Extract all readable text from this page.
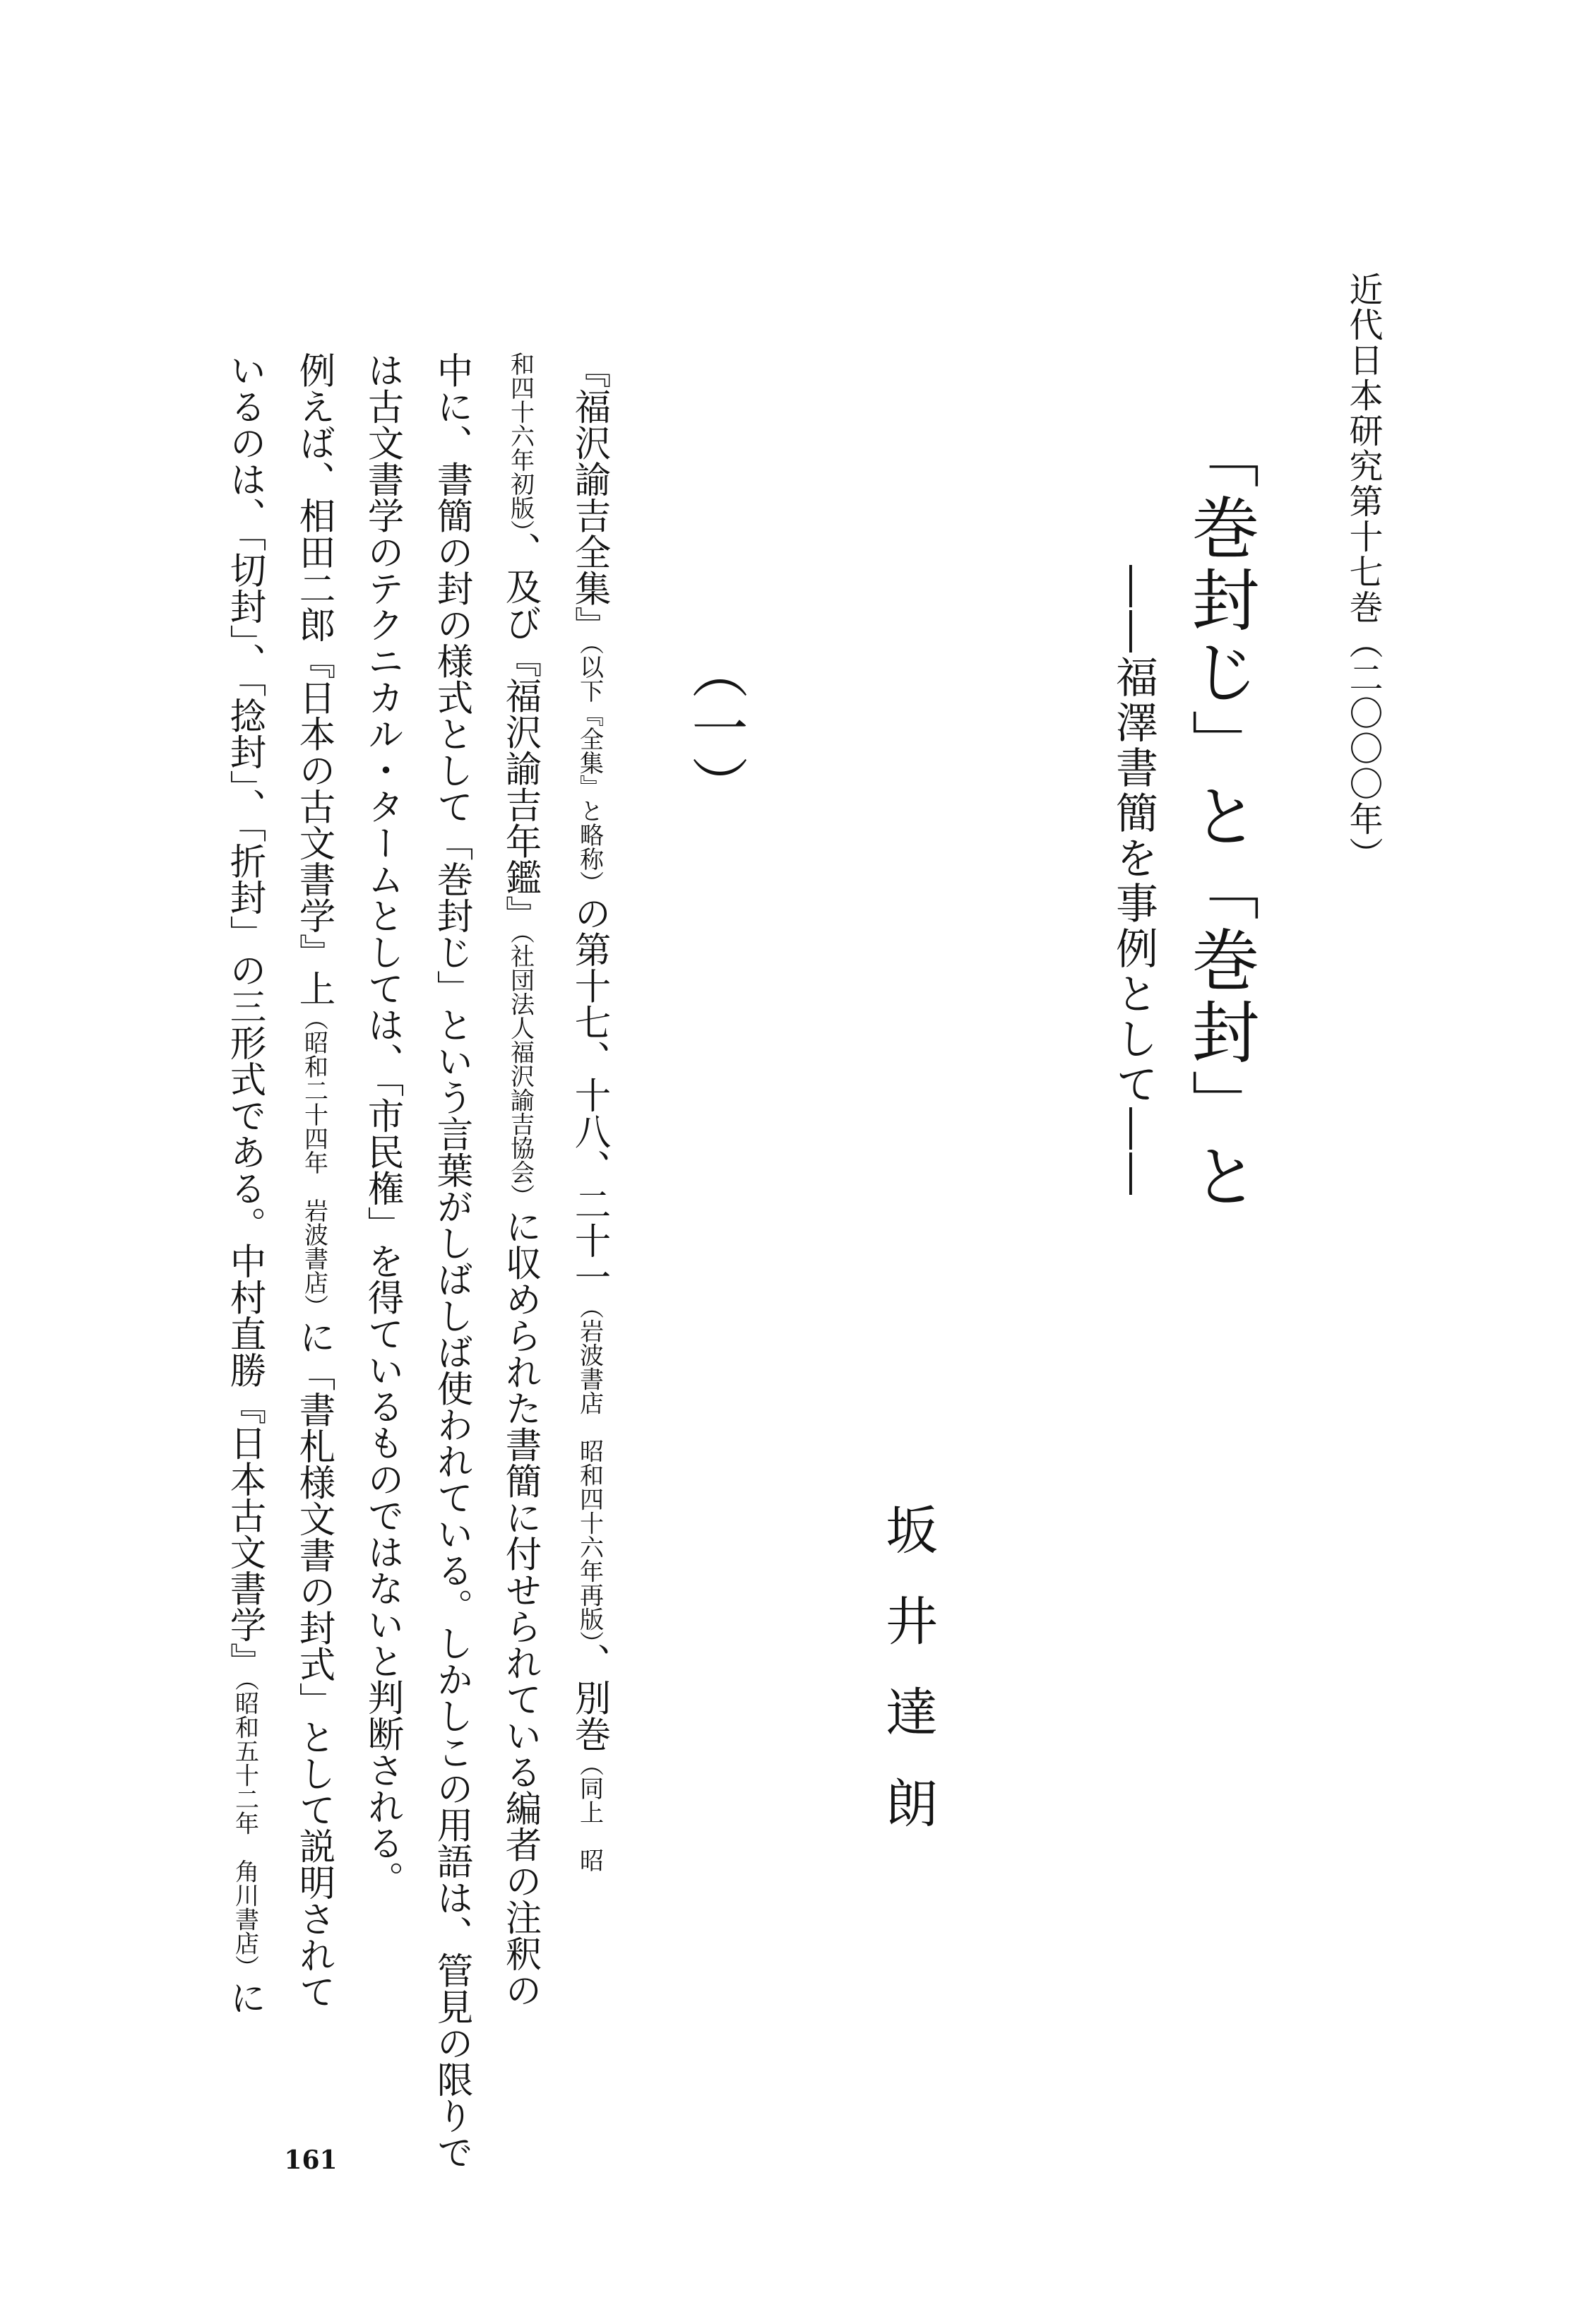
近代日本研究第十七巻（二〇〇〇年）

「巻封じ」と「巻封」と

――福澤書簡を事例として――

坂井達朗

（一）

『福沢諭吉全集』（以下『全集』と略称）の第十七、十八、二十一（岩波書店　昭和四十六年再版）、別巻（同上　昭

和四十六年初版）、及び『福沢諭吉年鑑』（社団法人福沢諭吉協会）に収められた書簡に付せられている編者の注釈の

中に、書簡の封の様式として「巻封じ」という言葉がしばしば使われている。しかしこの用語は、管見の限りで

は古文書学のテクニカル・タームとしては、「市民権」を得ているものではないと判断される。

例えば、相田二郎『日本の古文書学』上（昭和二十四年　岩波書店）に「書札様文書の封式」として説明されて

いるのは、「切封」、「捻封」、「折封」の三形式である。中村直勝『日本古文書学』（昭和五十二年　角川書店）に

161
